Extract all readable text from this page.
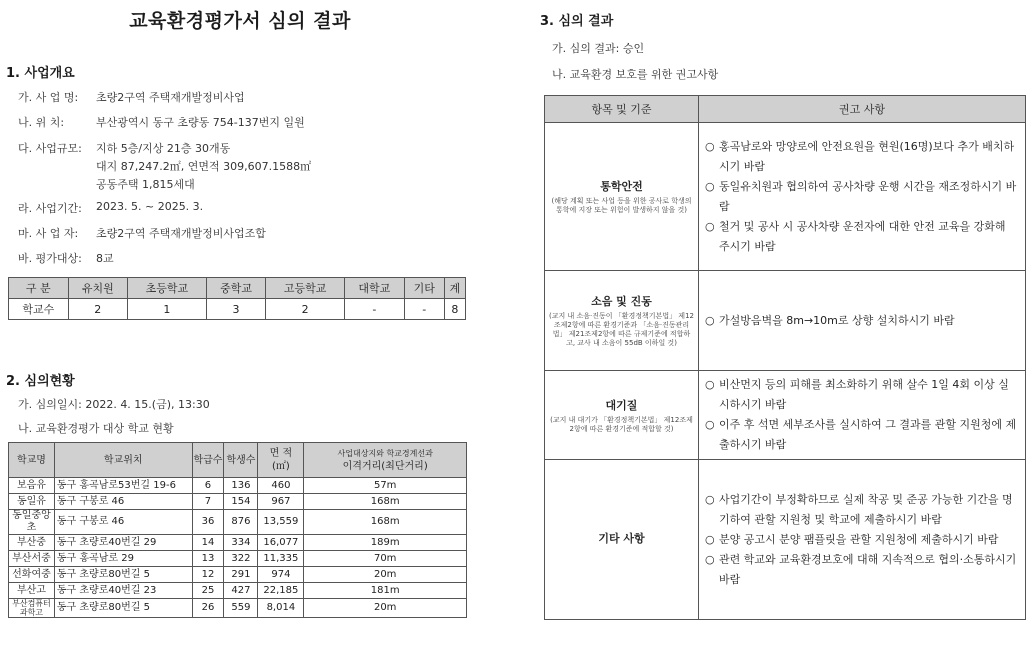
교육환경평가서 심의 결과
1. 사업개요
가. 사 업 명: 초량2구역 주택재개발정비사업
나. 위 치:	부산광역시 동구 초량동 754-137번지 일원
다. 사업규모: 지하 5층/지상 21층 30개동
대지 87,247.2㎡, 연면적 309,607.1588㎡
공동주택 1,815세대
라. 사업기간: 2023. 5. ~ 2025. 3.
마. 사 업 자: 초량2구역 주택재개발정비사업조합
바. 평가대상: 8교
구 분	유치원	초등학교	중학교	고등학교	대학교	기타	계
학교수	2	1	3	2	-	-	8
2. 심의현황
가. 심의일시: 2022. 4. 15.(금), 13:30
나. 교육환경평가 대상 학교 현황
학교명	학교위치	학급수	학생수	면 적
(㎡)	사업대상지와 학교경계선과
이격거리(최단거리)
보음유	동구 홍곡남로53번길 19-6	6	136	460	57m
동일유	동구 구봉로 46	7	154	967	168m
동일중앙초	동구 구봉로 46	36	876	13,559	168m
부산중	동구 초량로40번길 29	14	334	16,077	189m
부산서중	동구 홍곡남로 29	13	322	11,335	70m
선화여중	동구 초량로80번길 5	12	291	974	20m
부산고	동구 초량로40번길 23	25	427	22,185	181m
부산컴퓨터과학고	동구 초량로80번길 5	26	559	8,014	20m
3. 심의 결과
가. 심의 결과: 승인
나. 교육환경 보호를 위한 권고사항
항목 및 기준	권고 사항

통학안전
(해당 계획 또는 사업 등을 위한 공사로 학생의 통학에 지장 또는 위험이 발생하지 않을 것)	○ 홍곡남로와 망양로에 안전요원을 현원(16명)보다 추가 배치하시기 바람
○ 동일유치원과 협의하여 공사차량 운행 시간을 재조정하시기 바람
○ 철거 및 공사 시 공사차량 운전자에 대한 안전 교육을 강화해 주시기 바람

소음 및 진동
(교지 내 소음·진동이 「환경정책기본법」 제12조제2항에 따른 환경기준과 「소음·진동관리법」 제21조제2항에 따른 규제기준에 적합하고, 교사 내 소음이 55dB 이하일 것)	○ 가설방음벽을 8m→10m로 상향 설치하시기 바람

대기질
(교지 내 대기가 「환경정책기본법」 제12조제2항에 따른 환경기준에 적합할 것)	○ 비산먼지 등의 피해를 최소화하기 위해 살수 1일 4회 이상 실시하시기 바람
○ 이주 후 석면 세부조사를 실시하여 그 결과를 관할 지원청에 제출하시기 바람

기타 사항	○ 사업기간이 부정확하므로 실제 착공 및 준공 가능한 기간을 명기하여 관할 지원청 및 학교에 제출하시기 바람
○ 분양 공고시 분양 팸플릿을 관할 지원청에 제출하시기 바람
○ 관련 학교와 교육환경보호에 대해 지속적으로 협의·소통하시기 바람
